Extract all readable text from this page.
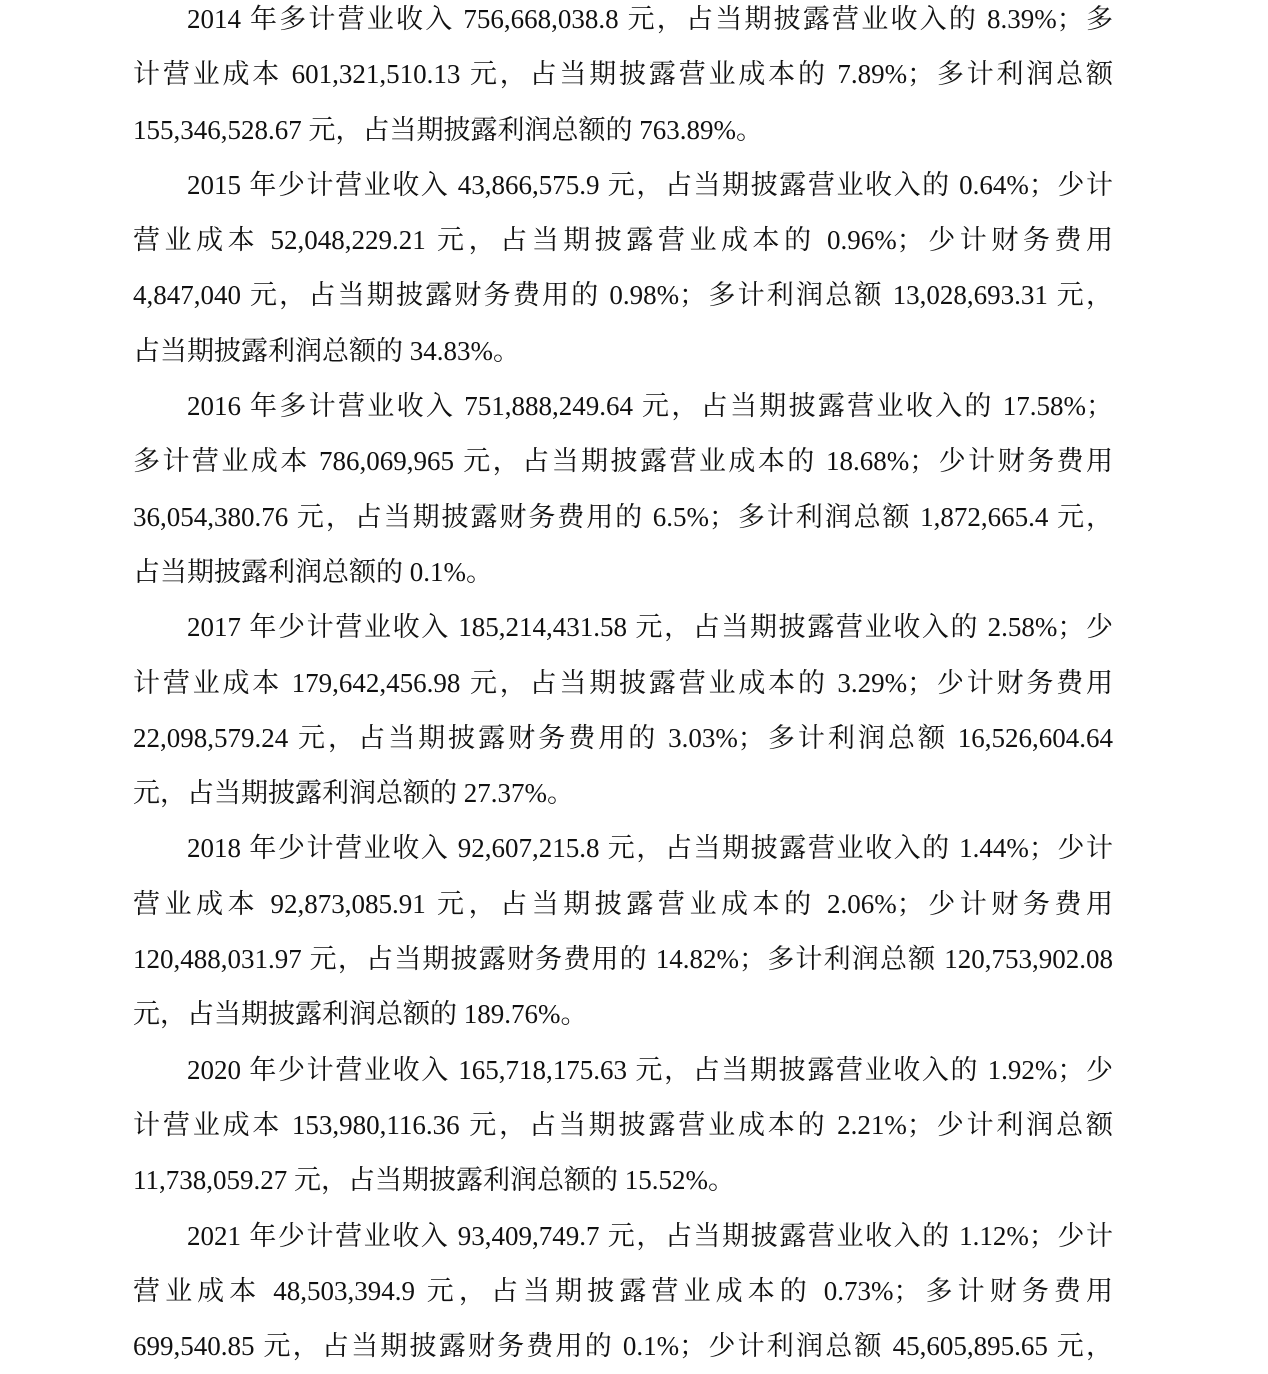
2014 年多计营业收入 756,668,038.8 元，占当期披露营业收入的 8.39%；多
计营业成本 601,321,510.13 元，占当期披露营业成本的 7.89%；多计利润总额
155,346,528.67 元，占当期披露利润总额的 763.89%。

2015 年少计营业收入 43,866,575.9 元，占当期披露营业收入的 0.64%；少计
营业成本 52,048,229.21 元，占当期披露营业成本的 0.96%；少计财务费用
4,847,040 元，占当期披露财务费用的 0.98%；多计利润总额 13,028,693.31 元，
占当期披露利润总额的 34.83%。

2016 年多计营业收入 751,888,249.64 元，占当期披露营业收入的 17.58%；
多计营业成本 786,069,965 元，占当期披露营业成本的 18.68%；少计财务费用
36,054,380.76 元，占当期披露财务费用的 6.5%；多计利润总额 1,872,665.4 元，
占当期披露利润总额的 0.1%。

2017 年少计营业收入 185,214,431.58 元，占当期披露营业收入的 2.58%；少
计营业成本 179,642,456.98 元，占当期披露营业成本的 3.29%；少计财务费用
22,098,579.24 元，占当期披露财务费用的 3.03%；多计利润总额 16,526,604.64
元，占当期披露利润总额的 27.37%。

2018 年少计营业收入 92,607,215.8 元，占当期披露营业收入的 1.44%；少计
营业成本 92,873,085.91 元，占当期披露营业成本的 2.06%；少计财务费用
120,488,031.97 元，占当期披露财务费用的 14.82%；多计利润总额 120,753,902.08
元，占当期披露利润总额的 189.76%。

2020 年少计营业收入 165,718,175.63 元，占当期披露营业收入的 1.92%；少
计营业成本 153,980,116.36 元，占当期披露营业成本的 2.21%；少计利润总额
11,738,059.27 元，占当期披露利润总额的 15.52%。

2021 年少计营业收入 93,409,749.7 元，占当期披露营业收入的 1.12%；少计
营业成本 48,503,394.9 元，占当期披露营业成本的 0.73%；多计财务费用
699,540.85 元，占当期披露财务费用的 0.1%；少计利润总额 45,605,895.65 元，
